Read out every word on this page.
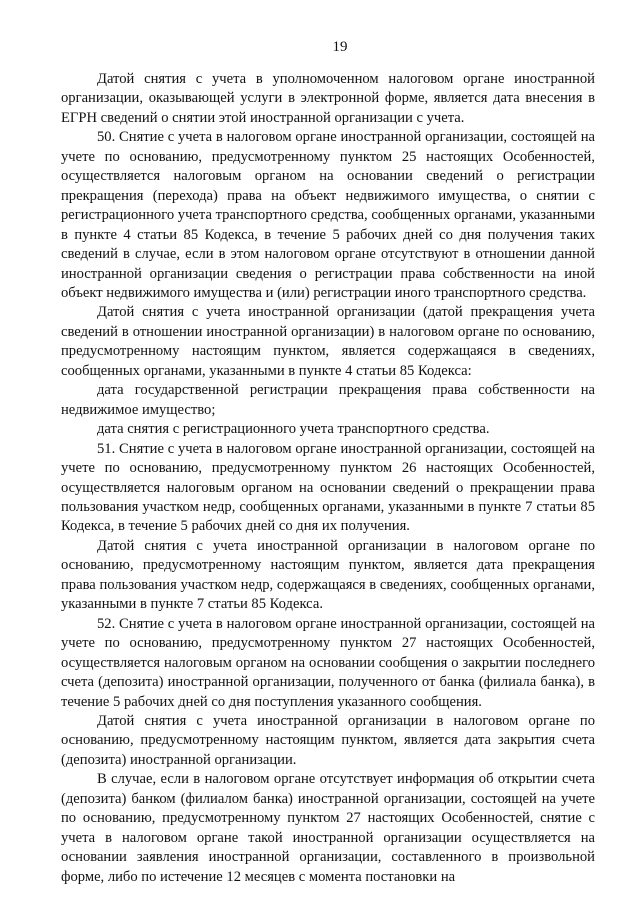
19

Датой снятия с учета в уполномоченном налоговом органе иностранной организации, оказывающей услуги в электронной форме, является дата внесения в ЕГРН сведений о снятии этой иностранной организации с учета.

50. Снятие с учета в налоговом органе иностранной организации, состоящей на учете по основанию, предусмотренному пунктом 25 настоящих Особенностей, осуществляется налоговым органом на основании сведений о регистрации прекращения (перехода) права на объект недвижимого имущества, о снятии с регистрационного учета транспортного средства, сообщенных органами, указанными в пункте 4 статьи 85 Кодекса, в течение 5 рабочих дней со дня получения таких сведений в случае, если в этом налоговом органе отсутствуют в отношении данной иностранной организации сведения о регистрации права собственности на иной объект недвижимого имущества и (или) регистрации иного транспортного средства.

Датой снятия с учета иностранной организации (датой прекращения учета сведений в отношении иностранной организации) в налоговом органе по основанию, предусмотренному настоящим пунктом, является содержащаяся в сведениях, сообщенных органами, указанными в пункте 4 статьи 85 Кодекса:

дата государственной регистрации прекращения права собственности на недвижимое имущество;

дата снятия с регистрационного учета транспортного средства.

51. Снятие с учета в налоговом органе иностранной организации, состоящей на учете по основанию, предусмотренному пунктом 26 настоящих Особенностей, осуществляется налоговым органом на основании сведений о прекращении права пользования участком недр, сообщенных органами, указанными в пункте 7 статьи 85 Кодекса, в течение 5 рабочих дней со дня их получения.

Датой снятия с учета иностранной организации в налоговом органе по основанию, предусмотренному настоящим пунктом, является дата прекращения права пользования участком недр, содержащаяся в сведениях, сообщенных органами, указанными в пункте 7 статьи 85 Кодекса.

52. Снятие с учета в налоговом органе иностранной организации, состоящей на учете по основанию, предусмотренному пунктом 27 настоящих Особенностей, осуществляется налоговым органом на основании сообщения о закрытии последнего счета (депозита) иностранной организации, полученного от банка (филиала банка), в течение 5 рабочих дней со дня поступления указанного сообщения.

Датой снятия с учета иностранной организации в налоговом органе по основанию, предусмотренному настоящим пунктом, является дата закрытия счета (депозита) иностранной организации.

В случае, если в налоговом органе отсутствует информация об открытии счета (депозита) банком (филиалом банка) иностранной организации, состоящей на учете по основанию, предусмотренному пунктом 27 настоящих Особенностей, снятие с учета в налоговом органе такой иностранной организации осуществляется на основании заявления иностранной организации, составленного в произвольной форме, либо по истечение 12 месяцев с момента постановки на
